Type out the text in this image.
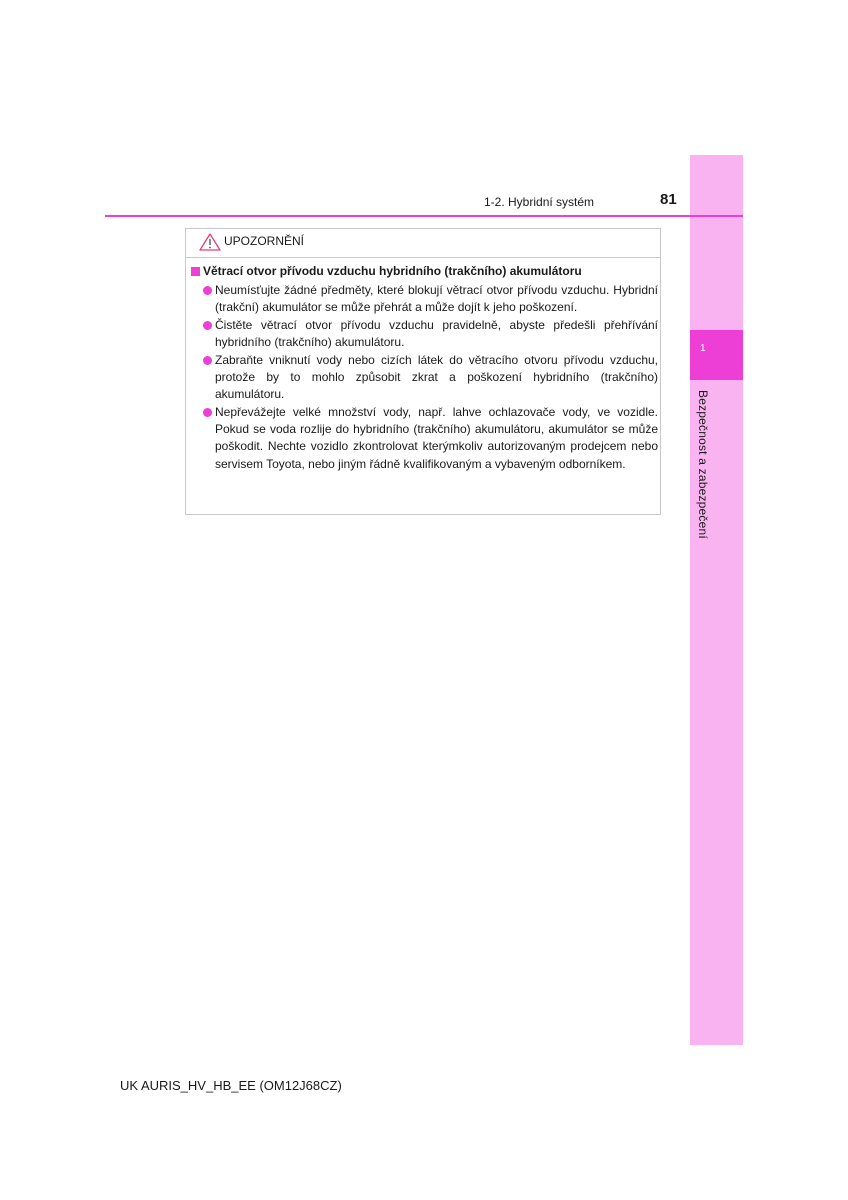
1
Bezpečnost a zabezpečení
1-2. Hybridní systém	81
UPOZORNĚNÍ
Větrací otvor přívodu vzduchu hybridního (trakčního) akumulátoru
Neumísťujte žádné předměty, které blokují větrací otvor přívodu vzduchu. Hybridní (trakční) akumulátor se může přehrát a může dojít k jeho poškození.
Čistěte větrací otvor přívodu vzduchu pravidelně, abyste předešli přehřívání hybridního (trakčního) akumulátoru.
Zabraňte vniknutí vody nebo cizích látek do větracího otvoru přívodu vzduchu, protože by to mohlo způsobit zkrat a poškození hybridního (trakčního) akumulátoru.
Nepřevážejte velké množství vody, např. lahve ochlazovače vody, ve vozidle. Pokud se voda rozlije do hybridního (trakčního) akumulátoru, akumulátor se může poškodit. Nechte vozidlo zkontrolovat kterýmkoliv autorizovaným prodejcem nebo servisem Toyota, nebo jiným řádně kvalifikovaným a vybaveným odborníkem.
UK AURIS_HV_HB_EE (OM12J68CZ)
